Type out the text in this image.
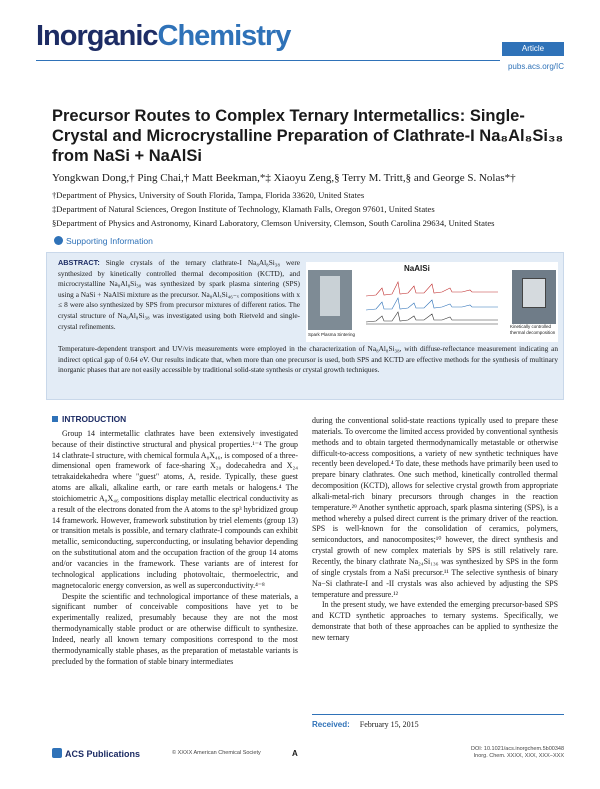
InorganicChemistry	Article
pubs.acs.org/IC
Precursor Routes to Complex Ternary Intermetallics: Single-Crystal and Microcrystalline Preparation of Clathrate-I Na₈Al₈Si₃₈ from NaSi + NaAlSi
Yongkwan Dong,† Ping Chai,† Matt Beekman,*‡ Xiaoyu Zeng,§ Terry M. Tritt,§ and George S. Nolas*†
†Department of Physics, University of South Florida, Tampa, Florida 33620, United States
‡Department of Natural Sciences, Oregon Institute of Technology, Klamath Falls, Oregon 97601, United States
§Department of Physics and Astronomy, Kinard Laboratory, Clemson University, Clemson, South Carolina 29634, United States
Supporting Information
ABSTRACT: Single crystals of the ternary clathrate-I Na₈Al₈Si₃₈ were synthesized by kinetically controlled thermal decomposition (KCTD), and microcrystalline Na₈Al₈Si₃₈ was synthesized by spark plasma sintering (SPS) using a NaSi + NaAlSi mixture as the precursor. Na₈AlₓSi₄₆₋ₓ compositions with x ≤ 8 were also synthesized by SPS from precursor mixtures of different ratios. The crystal structure of Na₈Al₈Si₃₈ was investigated using both Rietveld and single-crystal refinements.
Temperature-dependent transport and UV/vis measurements were employed in the characterization of Na₈Al₈Si₃₈, with diffuse-reflectance measurement indicating an indirect optical gap of 0.64 eV. Our results indicate that, when more than one precursor is used, both SPS and KCTD are effective methods for the synthesis of multinary inorganic phases that are not easily accessible by traditional solid-state synthesis or crystal growth techniques.
NaAlSi
Spark Plasma Sintering
Kinetically controlled thermal decomposition
INTRODUCTION

Group 14 intermetallic clathrates have been extensively investigated because of their distinctive structural and physical properties.¹⁻⁴ The group 14 clathrate-I structure, with chemical formula A₈X₄₆, is composed of a three-dimensional open framework of face-sharing X₂₀ dodecahedra and X₂₄ tetrakaidekahedra where "guest" atoms, A, reside. Typically, these guest atoms are alkali, alkaline earth, or rare earth metals or halogens.⁴ The stoichiometric A₈X₄₆ compositions display metallic electrical conductivity as a result of the electrons donated from the A atoms to the sp³ hybridized group 14 framework. However, framework substitution by triel elements (group 13) or transition metals is possible, and ternary clathrate-I compounds can exhibit metallic, semiconducting, superconducting, or insulating behavior depending on the substitutional atom and the occupation fraction of the group 14 atoms and/or vacancies in the framework. These variants are of interest for technological applications including photovoltaic, thermoelectric, and magnetocaloric energy conversion, as well as superconductivity.⁴⁻⁸

Despite the scientific and technological importance of these materials, a significant number of conceivable compositions have yet to be experimentally realized, presumably because they are not the most thermodynamically stable product or are otherwise difficult to synthesize. Indeed, nearly all known ternary compositions correspond to the most thermodynamically stable phases, as the preparation of metastable variants is precluded by the formation of stable binary intermediates

during the conventional solid-state reactions typically used to prepare these materials. To overcome the limited access provided by conventional synthesis methods and to obtain targeted thermodynamically metastable or otherwise difficult-to-access compositions, a variety of new synthetic techniques have recently been developed.⁴ To date, these methods have primarily been used to prepare binary clathrates. One such method, kinetically controlled thermal decomposition (KCTD), allows for selective crystal growth from appropriate alkali-metal-rich binary precursors through changes in the reaction temperature.²⁹ Another synthetic approach, spark plasma sintering (SPS), is a method whereby a pulsed direct current is the primary driver of the reaction. SPS is well-known for the consolidation of ceramics, polymers, semiconductors, and nanocomposites;¹⁰ however, the direct synthesis and crystal growth of new complex materials by SPS is still relatively rare. Recently, the binary clathrate Na₂₄Si₁₃₆ was synthesized by SPS in the form of single crystals from a NaSi precursor.¹¹ The selective synthesis of binary Na−Si clathrate-I and -II crystals was also achieved by adjusting the SPS temperature and pressure.¹²

In the present study, we have extended the emerging precursor-based SPS and KCTD synthetic approaches to ternary systems. Specifically, we demonstrate that both of these approaches can be applied to synthesize the new ternary

Received: February 15, 2015
ACS Publications	© XXXX American Chemical Society	A	DOI: 10.1021/acs.inorgchem.5b00348
Inorg. Chem. XXXX, XXX, XXX−XXX
